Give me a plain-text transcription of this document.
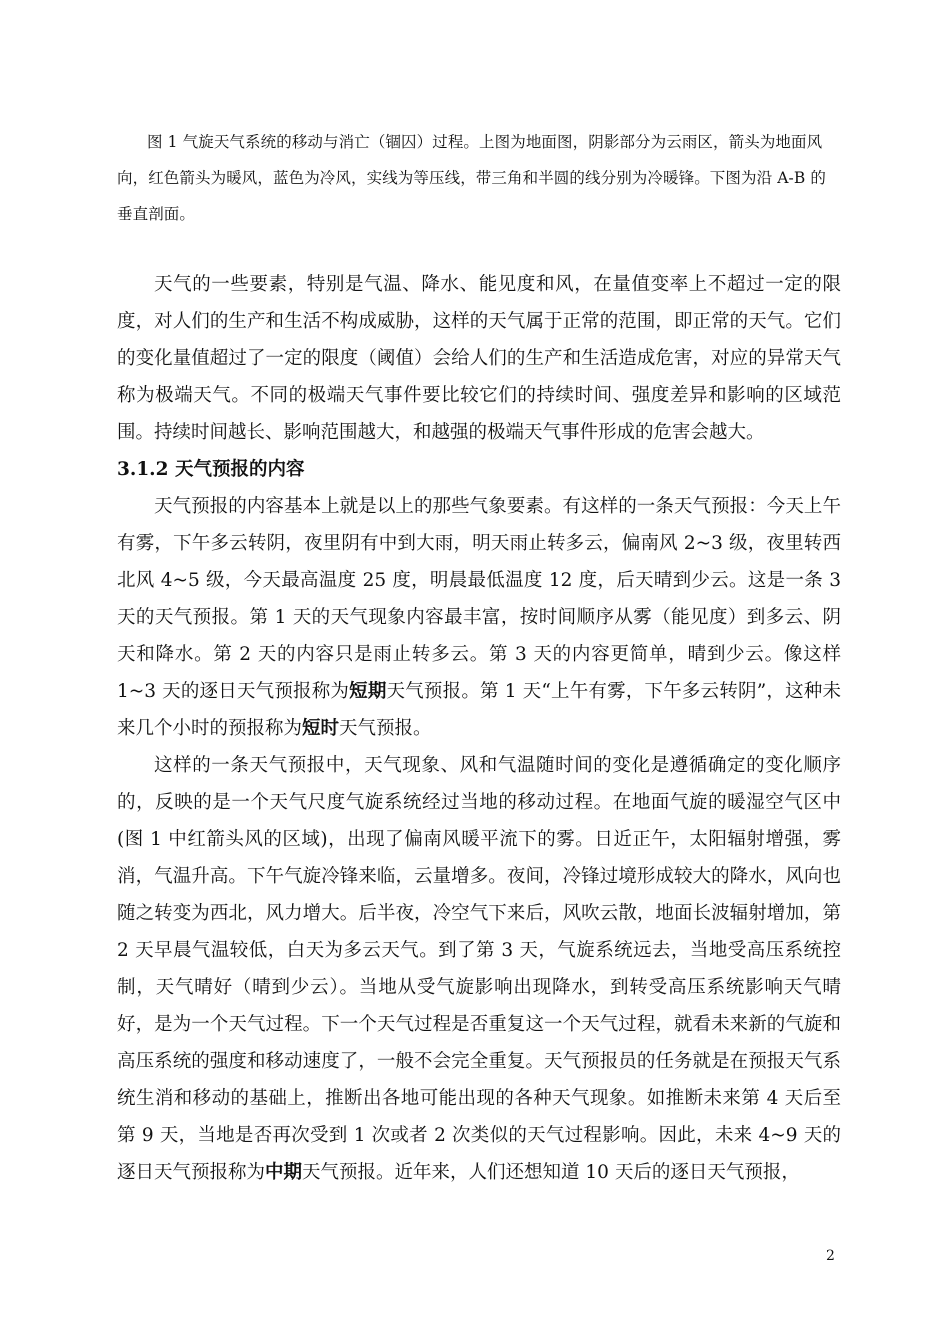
图 1 气旋天气系统的移动与消亡（锢囚）过程。上图为地面图，阴影部分为云雨区，箭头为地面风向，红色箭头为暖风，蓝色为冷风，实线为等压线，带三角和半圆的线分别为冷暖锋。下图为沿 A-B 的垂直剖面。

天气的一些要素，特别是气温、降水、能见度和风，在量值变率上不超过一定的限度，对人们的生产和生活不构成威胁，这样的天气属于正常的范围，即正常的天气。它们的变化量值超过了一定的限度（阈值）会给人们的生产和生活造成危害，对应的异常天气称为极端天气。不同的极端天气事件要比较它们的持续时间、强度差异和影响的区域范围。持续时间越长、影响范围越大，和越强的极端天气事件形成的危害会越大。

3.1.2 天气预报的内容

天气预报的内容基本上就是以上的那些气象要素。有这样的一条天气预报：今天上午有雾，下午多云转阴，夜里阴有中到大雨，明天雨止转多云，偏南风 2~3 级，夜里转西北风 4~5 级，今天最高温度 25 度，明晨最低温度 12 度，后天晴到少云。这是一条 3 天的天气预报。第 1 天的天气现象内容最丰富，按时间顺序从雾（能见度）到多云、阴天和降水。第 2 天的内容只是雨止转多云。第 3 天的内容更简单，晴到少云。像这样 1~3 天的逐日天气预报称为短期天气预报。第 1 天“上午有雾，下午多云转阴”，这种未来几个小时的预报称为短时天气预报。

这样的一条天气预报中，天气现象、风和气温随时间的变化是遵循确定的变化顺序的，反映的是一个天气尺度气旋系统经过当地的移动过程。在地面气旋的暖湿空气区中(图 1 中红箭头风的区域)，出现了偏南风暖平流下的雾。日近正午，太阳辐射增强，雾消，气温升高。下午气旋冷锋来临，云量增多。夜间，冷锋过境形成较大的降水，风向也随之转变为西北，风力增大。后半夜，冷空气下来后，风吹云散，地面长波辐射增加，第 2 天早晨气温较低，白天为多云天气。到了第 3 天，气旋系统远去，当地受高压系统控制，天气晴好（晴到少云）。当地从受气旋影响出现降水，到转受高压系统影响天气晴好，是为一个天气过程。下一个天气过程是否重复这一个天气过程，就看未来新的气旋和高压系统的强度和移动速度了，一般不会完全重复。天气预报员的任务就是在预报天气系统生消和移动的基础上，推断出各地可能出现的各种天气现象。如推断未来第 4 天后至第 9 天，当地是否再次受到 1 次或者 2 次类似的天气过程影响。因此，未来 4~9 天的逐日天气预报称为中期天气预报。近年来，人们还想知道 10 天后的逐日天气预报，

2
